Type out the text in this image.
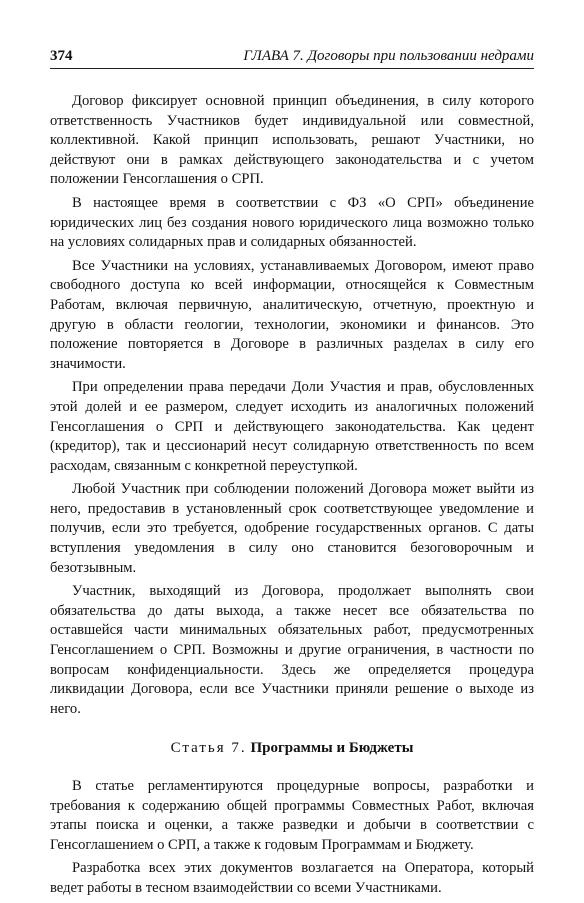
374	ГЛАВА 7. Договоры при пользовании недрами

Договор фиксирует основной принцип объединения, в силу которого ответственность Участников будет индивидуальной или совместной, коллективной. Какой принцип использовать, решают Участники, но действуют они в рамках действующего законодательства и с учетом положении Генсоглашения о СРП.

В настоящее время в соответствии с ФЗ «О СРП» объединение юридических лиц без создания нового юридического лица возможно только на условиях солидарных прав и солидарных обязанностей.

Все Участники на условиях, устанавливаемых Договором, имеют право свободного доступа ко всей информации, относящейся к Совместным Работам, включая первичную, аналитическую, отчетную, проектную и другую в области геологии, технологии, экономики и финансов. Это положение повторяется в Договоре в различных разделах в силу его значимости.

При определении права передачи Доли Участия и прав, обусловленных этой долей и ее размером, следует исходить из аналогичных положений Генсоглашения о СРП и действующего законодательства. Как цедент (кредитор), так и цессионарий несут солидарную ответственность по всем расходам, связанным с конкретной переуступкой.

Любой Участник при соблюдении положений Договора может выйти из него, предоставив в установленный срок соответствующее уведомление и получив, если это требуется, одобрение государственных органов. С даты вступления уведомления в силу оно становится безоговорочным и безотзывным.

Участник, выходящий из Договора, продолжает выполнять свои обязательства до даты выхода, а также несет все обязательства по оставшейся части минимальных обязательных работ, предусмотренных Генсоглашением о СРП. Возможны и другие ограничения, в частности по вопросам конфиденциальности. Здесь же определяется процедура ликвидации Договора, если все Участники приняли решение о выходе из него.

Статья 7. Программы и Бюджеты

В статье регламентируются процедурные вопросы, разработки и требования к содержанию общей программы Совместных Работ, включая этапы поиска и оценки, а также разведки и добычи в соответствии с Генсоглашением о СРП, а также к годовым Программам и Бюджету.

Разработка всех этих документов возлагается на Оператора, который ведет работы в тесном взаимодействии со всеми Участниками.
